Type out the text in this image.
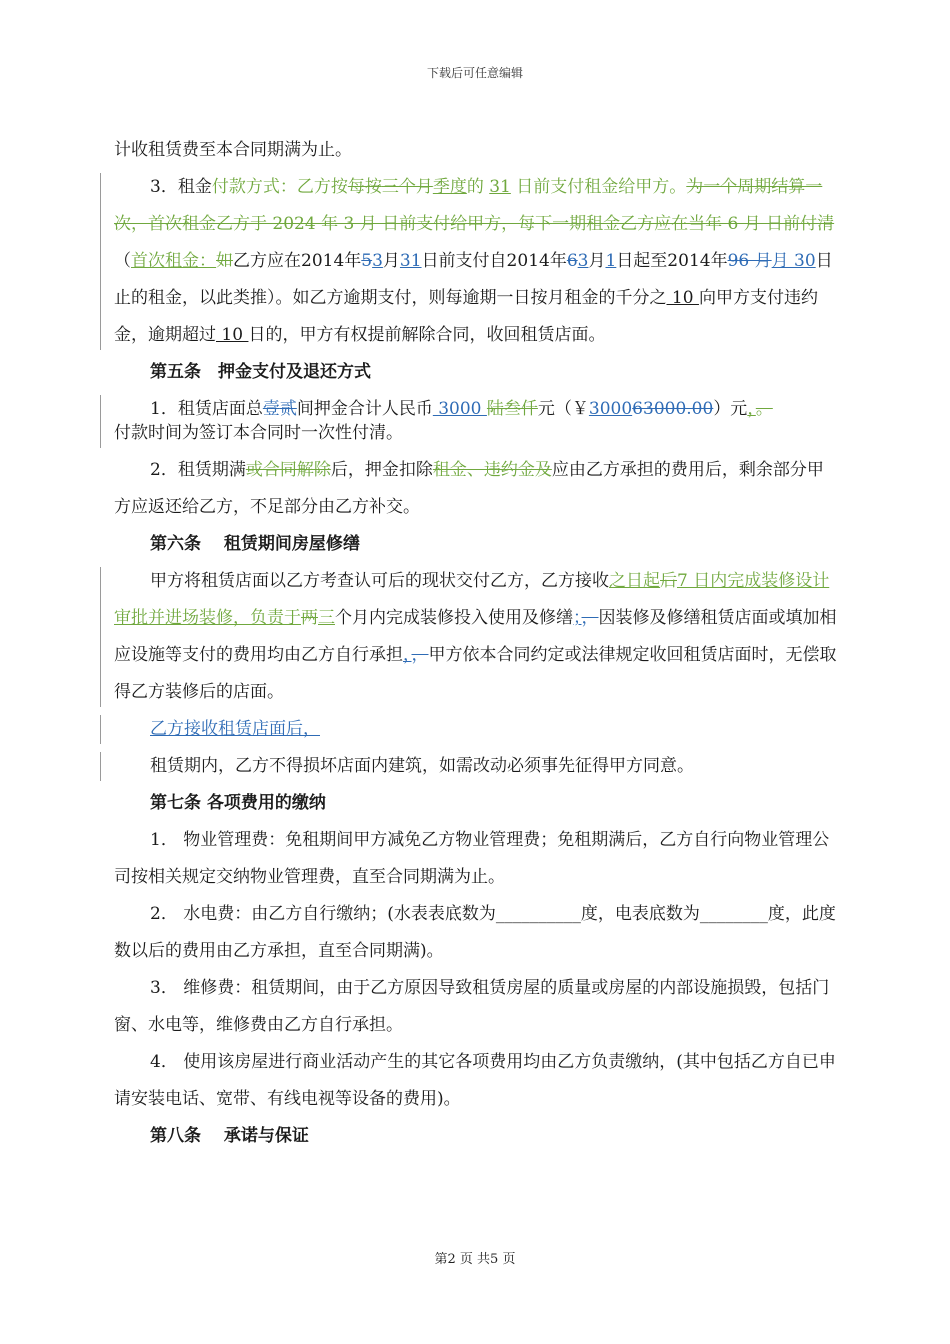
下载后可任意编辑

计收租赁费至本合同期满为止。

3．租金付款方式：乙方按每按三个月季度的 31 日前支付租金给甲方。为一个周期结算一次，首次租金乙方于 2024 年 3 月 日前支付给甲方，每下一期租金乙方应在当年 6 月 日前付清（首次租金：如乙方应在2014年53月31日前支付自2014年63月1日起至2014年96 月月 30日止的租金，以此类推）。如乙方逾期支付，则每逾期一日按月租金的千分之 10 向甲方支付违约金，逾期超过 10 日的，甲方有权提前解除合同，收回租赁店面。

第五条　押金支付及退还方式

1．租赁店面总壹贰间押金合计人民币 3000 陆叁仟元（￥300063000.00）元，。
付款时间为签订本合同时一次性付清。

2．租赁期满或合同解除后，押金扣除租金、违约金及应由乙方承担的费用后，剩余部分甲方应返还给乙方，不足部分由乙方补交。

第六条　 租赁期间房屋修缮

甲方将租赁店面以乙方考查认可后的现状交付乙方，乙方接收之日起后7 日内完成装修设计审批并进场装修，负责于两三个月内完成装修投入使用及修缮；，因装修及修缮租赁店面或填加相应设施等支付的费用均由乙方自行承担，，甲方依本合同约定或法律规定收回租赁店面时，无偿取得乙方装修后的店面。

乙方接收租赁店面后，

租赁期内，乙方不得损坏店面内建筑，如需改动必须事先征得甲方同意。

第七条 各项费用的缴纳

1． 物业管理费：免租期间甲方减免乙方物业管理费；免租期满后，乙方自行向物业管理公司按相关规定交纳物业管理费，直至合同期满为止。

2． 水电费：由乙方自行缴纳；(水表表底数为__________度，电表底数为________度，此度数以后的费用由乙方承担，直至合同期满)。

3． 维修费：租赁期间，由于乙方原因导致租赁房屋的质量或房屋的内部设施损毁，包括门窗、水电等，维修费由乙方自行承担。

4． 使用该房屋进行商业活动产生的其它各项费用均由乙方负责缴纳，(其中包括乙方自已申请安装电话、宽带、有线电视等设备的费用)。

第八条　 承诺与保证

第2 页 共5 页
